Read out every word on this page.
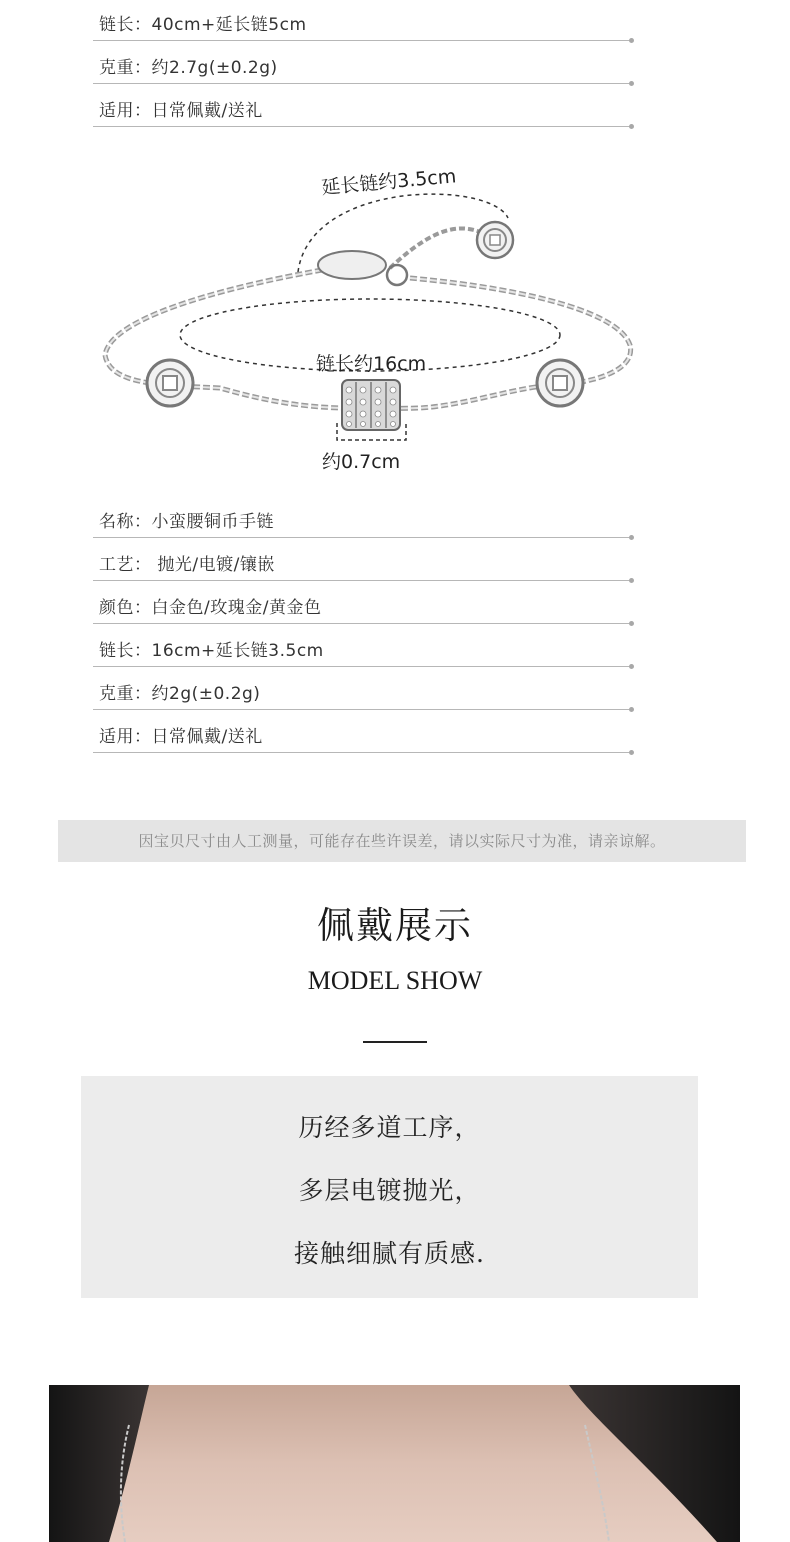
链长：40cm+延长链5cm
克重：约2.7g(±0.2g)
适用：日常佩戴/送礼
延长链约3.5cm
链长约16cm
约0.7cm
名称：小蛮腰铜币手链
工艺： 抛光/电镀/镶嵌
颜色：白金色/玫瑰金/黄金色
链长：16cm+延长链3.5cm
克重：约2g(±0.2g)
适用：日常佩戴/送礼
因宝贝尺寸由人工测量，可能存在些许误差，请以实际尺寸为准，请亲谅解。
佩戴展示
MODEL SHOW
历经多道工序，
多层电镀抛光，
接触细腻有质感.
